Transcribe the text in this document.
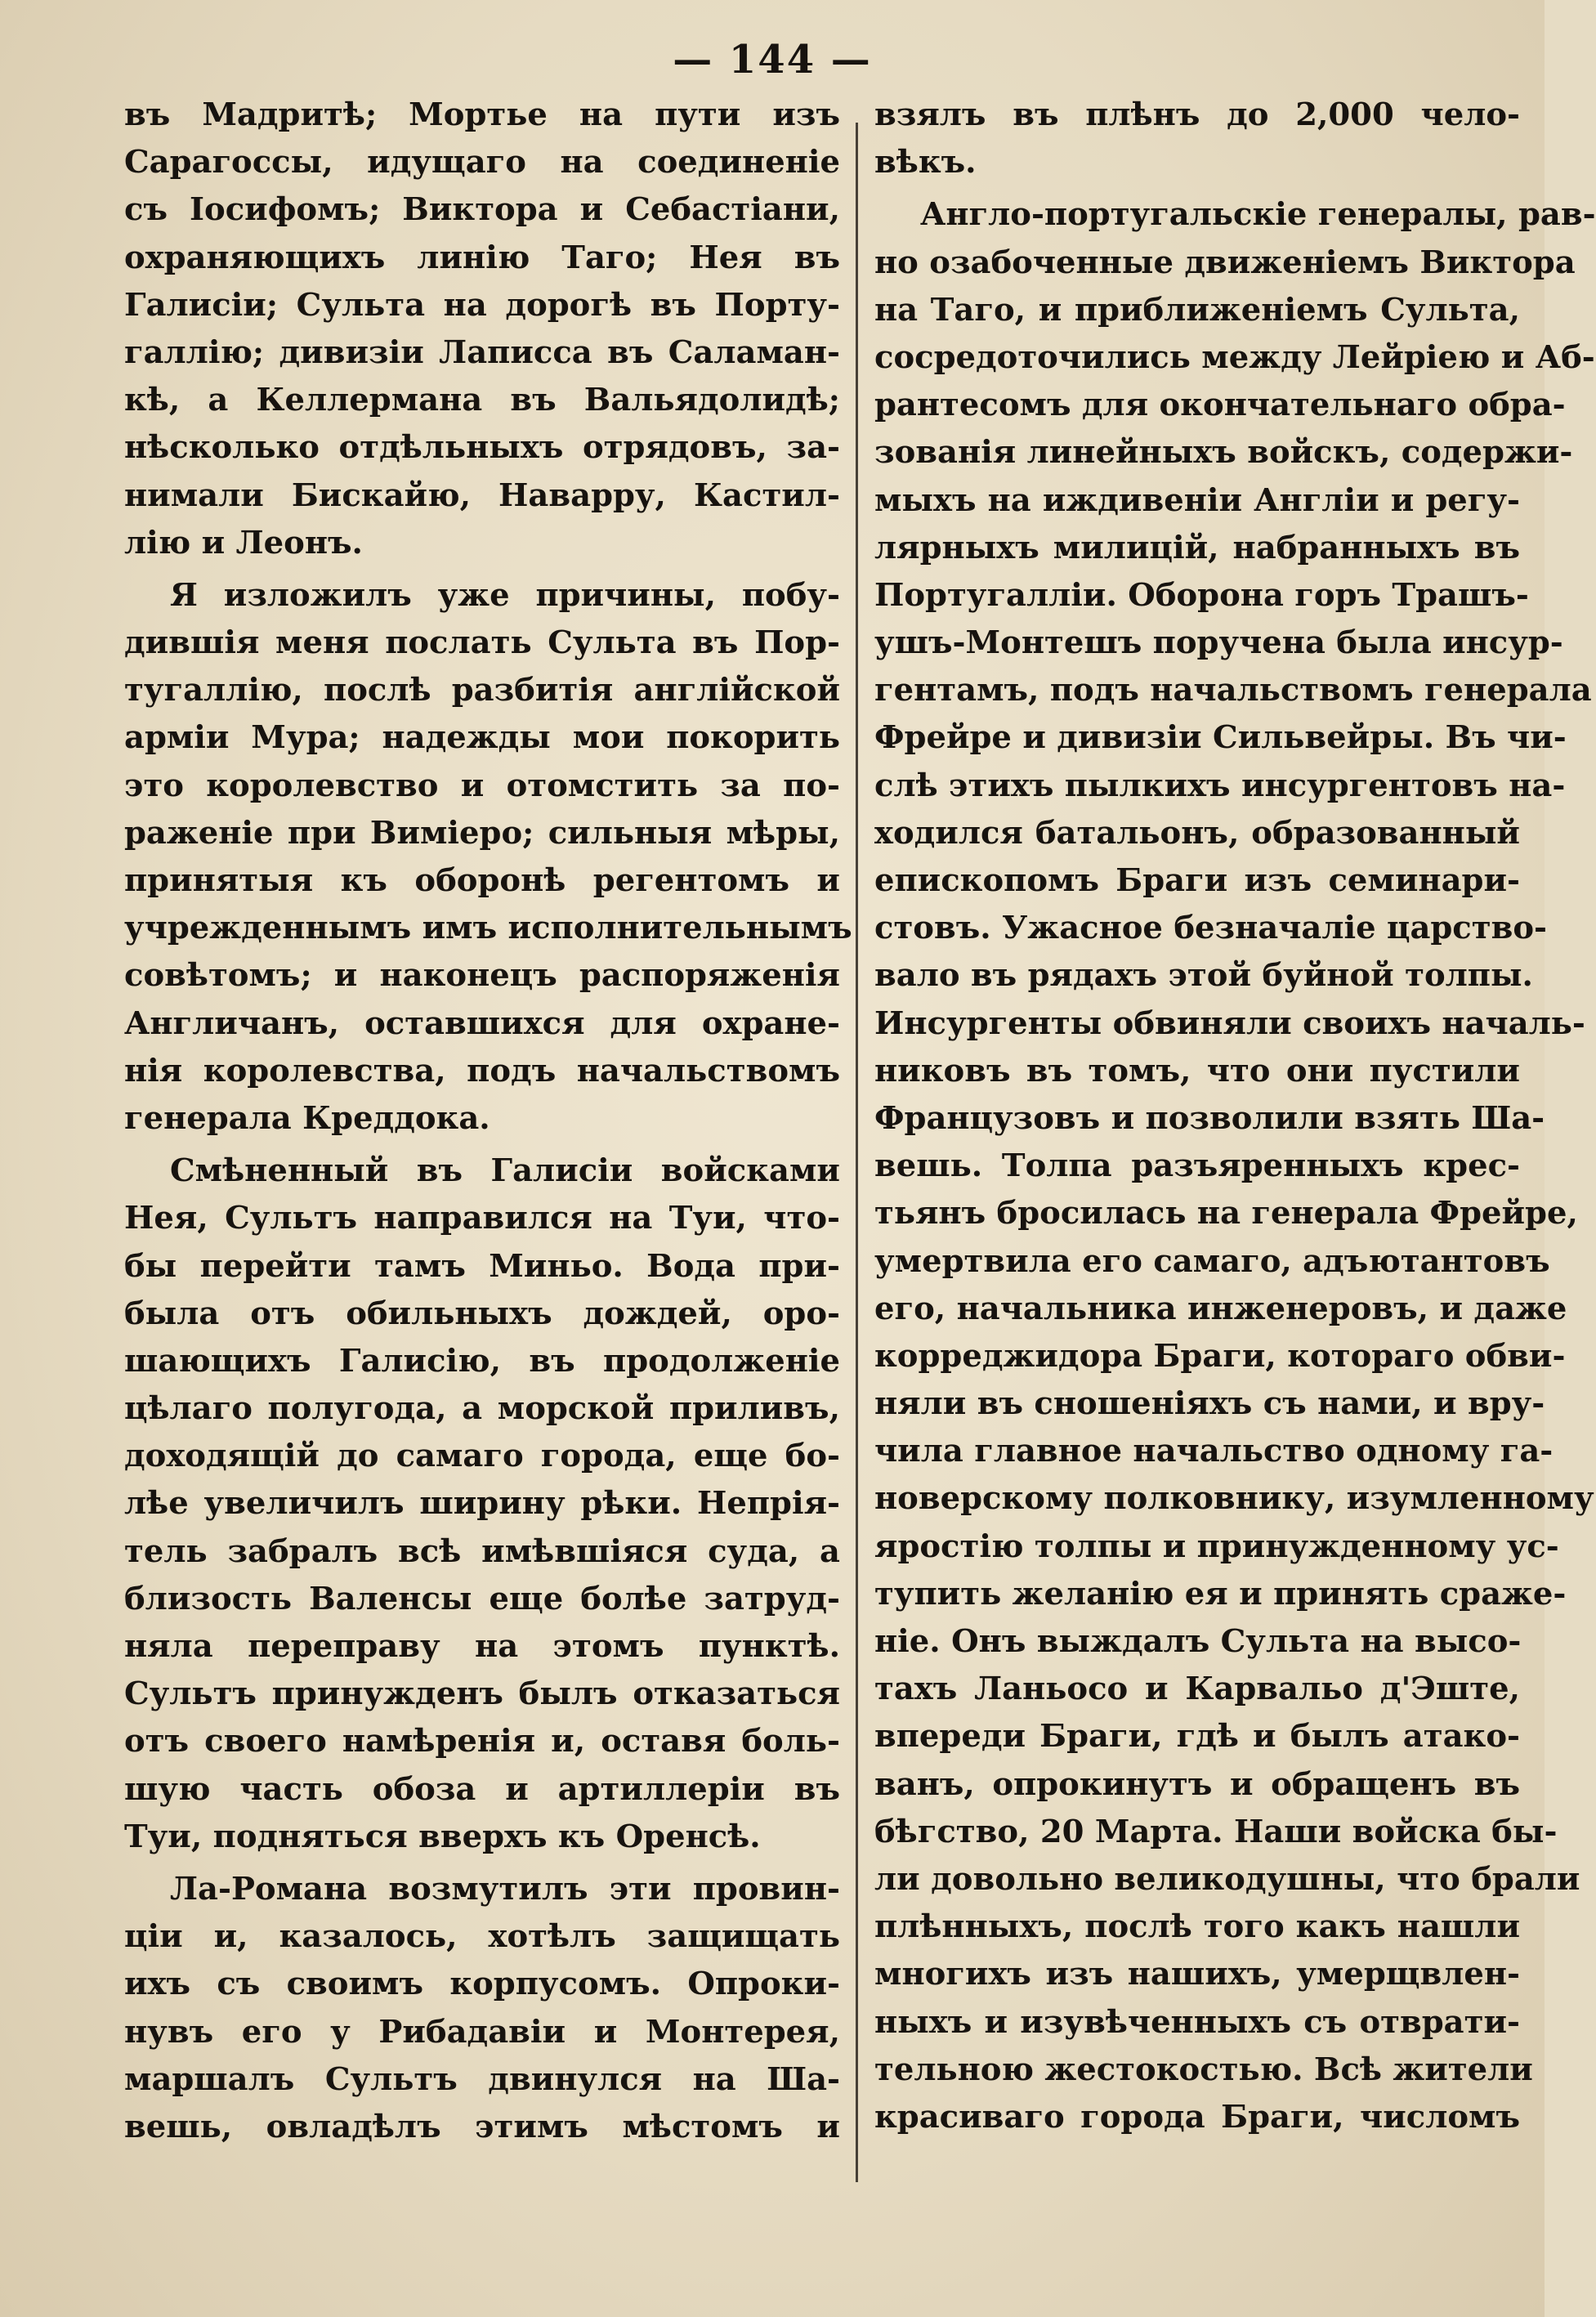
— 144 —
въ Мадритѣ; Мортье на пути изъ
Сарагоссы, идущаго на соединеніе
съ Іосифомъ; Виктора и Себастіани,
охраняющихъ линію Таго; Нея въ
Галисіи; Сульта на дорогѣ въ Порту-
галлію; дивизіи Лаписса въ Саламан-
кѣ, а Келлермана въ Вальядолидѣ;
нѣсколько отдѣльныхъ отрядовъ, за-
нимали Бискайю, Наварру, Кастил-
лію и Леонъ.
Я изложилъ уже причины, побу-
дившія меня послать Сульта въ Пор-
тугаллію, послѣ разбитія англійской
арміи Мура; надежды мои покорить
это королевство и отомстить за по-
раженіе при Виміеро; сильныя мѣры,
принятыя къ оборонѣ регентомъ и
учрежденнымъ имъ исполнительнымъ
совѣтомъ; и наконецъ распоряженія
Англичанъ, оставшихся для охране-
нія королевства, подъ начальствомъ
генерала Креддока.
Смѣненный въ Галисіи войсками
Нея, Сультъ направился на Туи, что-
бы перейти тамъ Миньо. Вода при-
была отъ обильныхъ дождей, оро-
шающихъ Галисію, въ продолженіе
цѣлаго полугода, а морской приливъ,
доходящій до самаго города, еще бо-
лѣе увеличилъ ширину рѣки. Непрія-
тель забралъ всѣ имѣвшіяся суда, а
близость Валенсы еще болѣе затруд-
няла переправу на этомъ пунктѣ.
Сультъ принужденъ былъ отказаться
отъ своего намѣренія и, оставя боль-
шую часть обоза и артиллеріи въ
Туи, подняться вверхъ къ Оренсѣ.
Ла-Романа возмутилъ эти провин-
ціи и, казалось, хотѣлъ защищать
ихъ съ своимъ корпусомъ. Опроки-
нувъ его у Рибадавіи и Монтерея,
маршалъ Сультъ двинулся на Ша-
вешь, овладѣлъ этимъ мѣстомъ и
взялъ въ плѣнъ до 2,000 чело-
вѣкъ.
Англо-португальскіе генералы, рав-
но озабоченные движеніемъ Виктора
на Таго, и приближеніемъ Сульта,
сосредоточились между Лейріею и Аб-
рантесомъ для окончательнаго обра-
зованія линейныхъ войскъ, содержи-
мыхъ на иждивеніи Англіи и регу-
лярныхъ милицій, набранныхъ въ
Португалліи. Оборона горъ Трашъ-
ушъ-Монтешъ поручена была инсур-
гентамъ, подъ начальствомъ генерала
Фрейре и дивизіи Сильвейры. Въ чи-
слѣ этихъ пылкихъ инсургентовъ на-
ходился батальонъ, образованный
епископомъ Браги изъ семинари-
стовъ. Ужасное безначаліе царство-
вало въ рядахъ этой буйной толпы.
Инсургенты обвиняли своихъ началь-
никовъ въ томъ, что они пустили
Французовъ и позволили взять Ша-
вешь. Толпа разъяренныхъ крес-
тьянъ бросилась на генерала Фрейре,
умертвила его самаго, адъютантовъ
его, начальника инженеровъ, и даже
корреджидора Браги, котораго обви-
няли въ сношеніяхъ съ нами, и вру-
чила главное начальство одному га-
новерскому полковнику, изумленному
яростію толпы и принужденному ус-
тупить желанію ея и принять сраже-
ніе. Онъ выждалъ Сульта на высо-
тахъ Ланьосо и Карвальо д'Эште,
впереди Браги, гдѣ и былъ атако-
ванъ, опрокинутъ и обращенъ въ
бѣгство, 20 Марта. Наши войска бы-
ли довольно великодушны, что брали
плѣнныхъ, послѣ того какъ нашли
многихъ изъ нашихъ, умерщвлен-
ныхъ и изувѣченныхъ съ отврати-
тельною жестокостью. Всѣ жители
красиваго города Браги, числомъ
